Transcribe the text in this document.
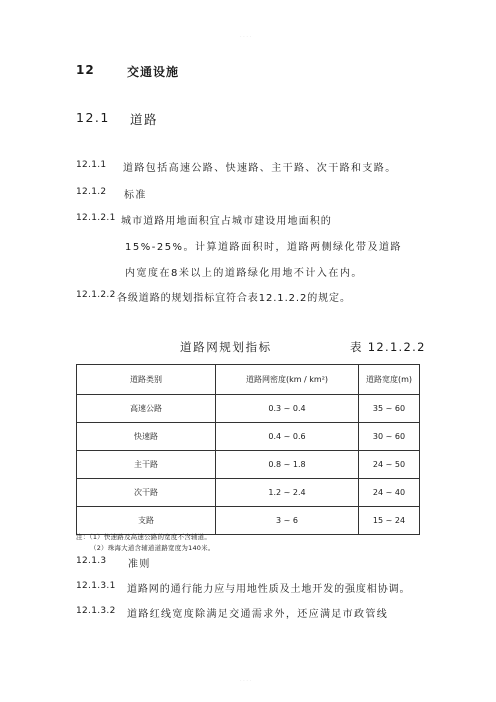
· · · ·
12	交通设施
12.1 道路
12.1.1 道路包括高速公路、快速路、主干路、次干路和支路。
12.1.2 标准
12.1.2.1 城市道路用地面积宜占城市建设用地面积的
15%-25%。计算道路面积时，道路两侧绿化带及道路
内宽度在8米以上的道路绿化用地不计入在内。
12.1.2.2 各级道路的规划指标宜符合表12.1.2.2的规定。
道路网规划指标	表 12.1.2.2
道路类别	道路网密度(km / km²)	道路宽度(m)
高速公路	0.3 ~ 0.4	35 ~ 60
快速路	0.4 ~ 0.6	30 ~ 60
主干路	0.8 ~ 1.8	24 ~ 50
次干路	1.2 ~ 2.4	24 ~ 40
支路	3 ~ 6	15 ~ 24
注：（1）快速路及高速公路的宽度不含辅道。
（2）珠海大道含辅道道路宽度为140米。
12.1.3 准则
12.1.3.1 道路网的通行能力应与用地性质及土地开发的强度相协调。
12.1.3.2 道路红线宽度除满足交通需求外，还应满足市政管线
· · · ·
